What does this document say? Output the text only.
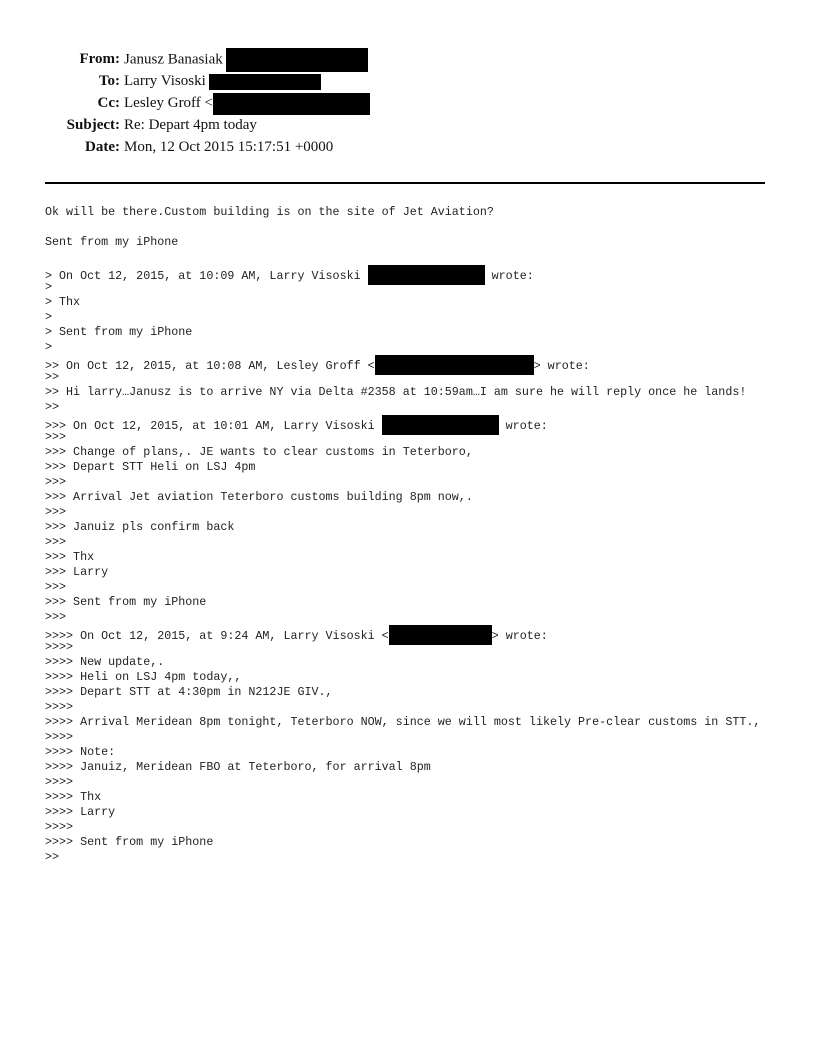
From: Janusz Banasiak
To: Larry Visoski
Cc: Lesley Groff <
Subject: Re: Depart 4pm today
Date: Mon, 12 Oct 2015 15:17:51 +0000
Ok will be there.Custom building is on the site of Jet Aviation?
Sent from my iPhone
> On Oct 12, 2015, at 10:09 AM, Larry Visoski	wrote:
>
> Thx
>
> Sent from my iPhone
>
>> On Oct 12, 2015, at 10:08 AM, Lesley Groff <	> wrote:
>>
>> Hi larry…Janusz is to arrive NY via Delta #2358 at 10:59am…I am sure he will reply once he lands!
>>
>>> On Oct 12, 2015, at 10:01 AM, Larry Visoski	wrote:
>>>
>>> Change of plans,. JE wants to clear customs in Teterboro,
>>> Depart STT Heli on LSJ 4pm
>>>
>>> Arrival Jet aviation Teterboro customs building 8pm now,.
>>>
>>> Januiz pls confirm back
>>>
>>> Thx
>>> Larry
>>>
>>> Sent from my iPhone
>>>
>>>> On Oct 12, 2015, at 9:24 AM, Larry Visoski <	> wrote:
>>>>
>>>> New update,.
>>>> Heli on LSJ 4pm today,,
>>>> Depart STT at 4:30pm in N212JE GIV.,
>>>>
>>>> Arrival Meridean 8pm tonight, Teterboro NOW, since we will most likely Pre-clear customs in STT.,
>>>>
>>>> Note:
>>>> Januiz, Meridean FBO at Teterboro, for arrival 8pm
>>>>
>>>> Thx
>>>> Larry
>>>>
>>>> Sent from my iPhone
>>
